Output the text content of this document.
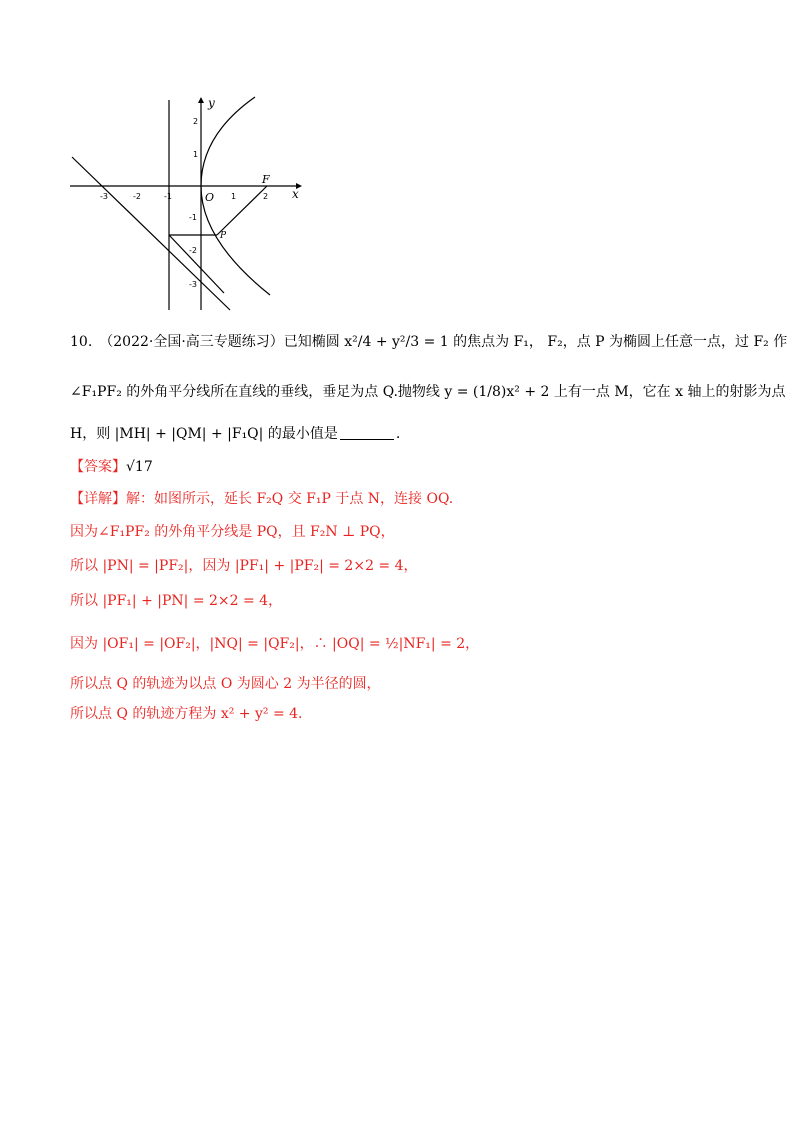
-3	-2	-1	1	2
2
1
-1
-2
-3
x
y
O
F
P
10.　（2022·全国·高三专题练习）已知椭圆 x²/4 + y²/3 = 1 的焦点为 F₁， F₂，点 P 为椭圆上任意一点，过 F₂ 作
∠F₁PF₂ 的外角平分线所在直线的垂线，垂足为点 Q.抛物线 y = (1/8)x² + 2 上有一点 M，它在 x 轴上的射影为点
H，则 |MH| + |QM| + |F₁Q| 的最小值是	.
【答案】√17
【详解】解：如图所示，延长 F₂Q 交 F₁P 于点 N，连接 OQ.
因为∠F₁PF₂ 的外角平分线是 PQ，且 F₂N ⊥ PQ，
所以 |PN| = |PF₂|，因为 |PF₁| + |PF₂| = 2×2 = 4，
所以 |PF₁| + |PN| = 2×2 = 4，
因为 |OF₁| = |OF₂|，|NQ| = |QF₂|，∴ |OQ| = ½|NF₁| = 2，
所以点 Q 的轨迹为以点 O 为圆心 2 为半径的圆，
所以点 Q 的轨迹方程为 x² + y² = 4.
